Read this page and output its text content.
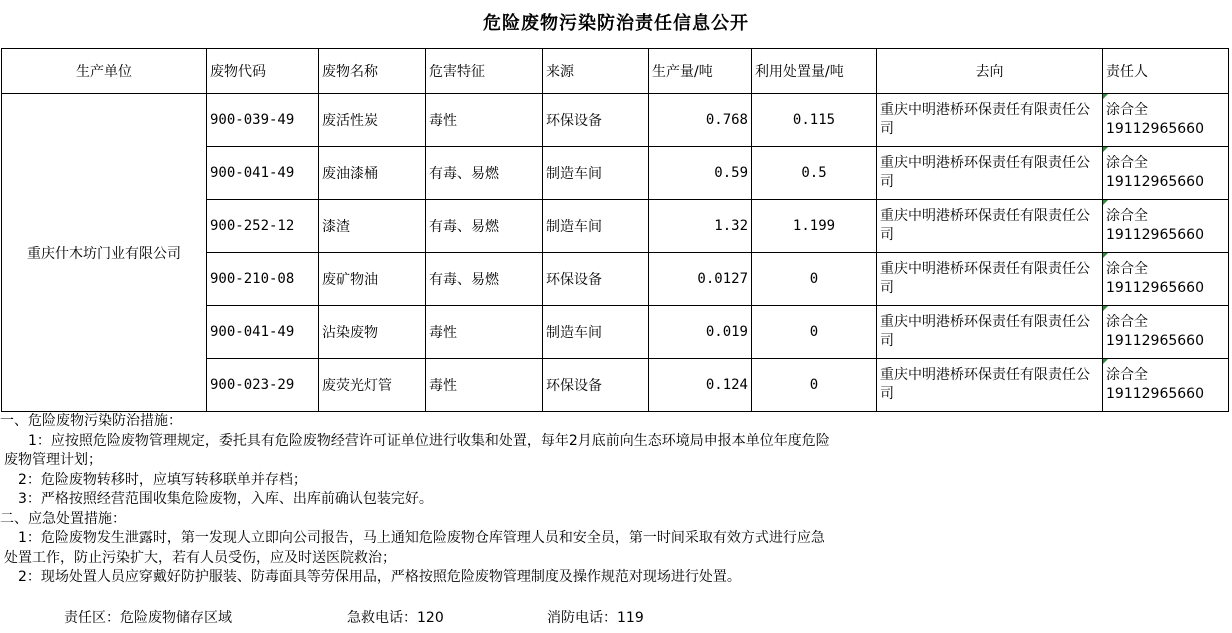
危险废物污染防治责任信息公开
生产单位	废物代码	废物名称	危害特征	来源	生产量/吨	利用处置量/吨	去向	责任人
重庆什木坊门业有限公司	900-039-49	废活性炭	毒性	环保设备	0.768	0.115	重庆中明港桥环保责任有限责任公司	涂合全
19112965660

	900-041-49	废油漆桶	有毒、易燃	制造车间	0.59	0.5	重庆中明港桥环保责任有限责任公司	涂合全
19112965660

	900-252-12	漆渣	有毒、易燃	制造车间	1.32	1.199	重庆中明港桥环保责任有限责任公司	涂合全
19112965660

	900-210-08	废矿物油	有毒、易燃	环保设备	0.0127	0	重庆中明港桥环保责任有限责任公司	涂合全
19112965660

	900-041-49	沾染废物	毒性	制造车间	0.019	0	重庆中明港桥环保责任有限责任公司	涂合全
19112965660

	900-023-29	废荧光灯管	毒性	环保设备	0.124	0	重庆中明港桥环保责任有限责任公司	涂合全
19112965660
一、危险废物污染防治措施：
1：应按照危险废物管理规定，委托具有危险废物经营许可证单位进行收集和处置，每年2月底前向生态环境局申报本单位年度危险
废物管理计划；
2：危险废物转移时，应填写转移联单并存档；
3：严格按照经营范围收集危险废物，入库、出库前确认包装完好。
二、应急处置措施：
1：危险废物发生泄露时，第一发现人立即向公司报告，马上通知危险废物仓库管理人员和安全员，第一时间采取有效方式进行应急
处置工作，防止污染扩大，若有人员受伤，应及时送医院救治；
2：现场处置人员应穿戴好防护服装、防毒面具等劳保用品，严格按照危险废物管理制度及操作规范对现场进行处置。
责任区：危险废物储存区域	急救电话：120	消防电话：119
